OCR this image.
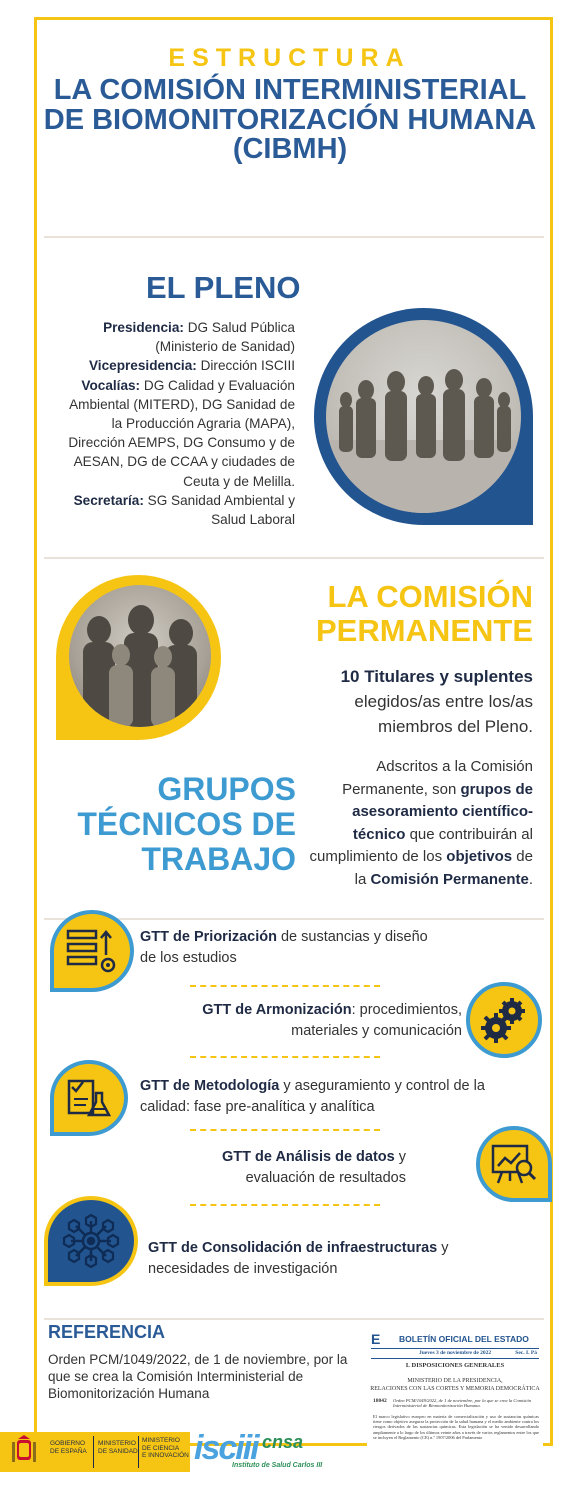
ESTRUCTURA
LA COMISIÓN INTERMINISTERIAL DE BIOMONITORIZACIÓN HUMANA (CIBMH)
EL PLENO
Presidencia: DG Salud Pública (Ministerio de Sanidad)
Vicepresidencia: Dirección ISCIII
Vocalías: DG Calidad y Evaluación Ambiental (MITERD), DG Sanidad de la Producción Agraria (MAPA), Dirección AEMPS, DG Consumo y de AESAN, DG de CCAA y ciudades de Ceuta y de Melilla.
Secretaría: SG Sanidad Ambiental y Salud Laboral
LA COMISIÓN
PERMANENTE
10 Titulares y suplentes
elegidos/as entre los/as miembros del Pleno.
GRUPOS
TÉCNICOS DE
TRABAJO
Adscritos a la Comisión Permanente, son grupos de asesoramiento científico-técnico que contribuirán al cumplimiento de los objetivos de la Comisión Permanente.
GTT de Priorización de sustancias y diseño de los estudios
GTT de Armonización: procedimientos, materiales y comunicación
GTT de Metodología y aseguramiento y control de la calidad: fase pre-analítica y analítica
GTT de Análisis de datos y evaluación de resultados
GTT de Consolidación de infraestructuras y necesidades de investigación
REFERENCIA
Orden PCM/1049/2022, de 1 de noviembre, por la que se crea la Comisión Interministerial de Biomonitorización Humana
E BOLETÍN OFICIAL DEL ESTADO
Jueves 3 de noviembre de 2022	Sec. I. Pá
I. DISPOSICIONES GENERALES
MINISTERIO DE LA PRESIDENCIA,
RELACIONES CON LAS CORTES Y MEMORIA DEMOCRÁTICA
18042 Orden PCM/1049/2022, de 1 de noviembre, por la que se crea la Comisión Interministerial de Biomonitorización Humana.
El marco legislativo europeo en materia de comercialización y uso de sustancias químicas tiene como objetivo asegurar la protección de la salud humana y el medio ambiente contra los riesgos derivados de las sustancias químicas. Esta legislación se ha venido desarrollando ampliamente a lo largo de los últimos veinte años a través de varios reglamentos entre los que se incluyen el Reglamento (CE) n.º 1907/2006 del Parlamento
GOBIERNO
DE ESPAÑA
MINISTERIO
DE SANIDAD
MINISTERIO
DE CIENCIA
E INNOVACIÓN isciii cnsa
Instituto de Salud Carlos III
